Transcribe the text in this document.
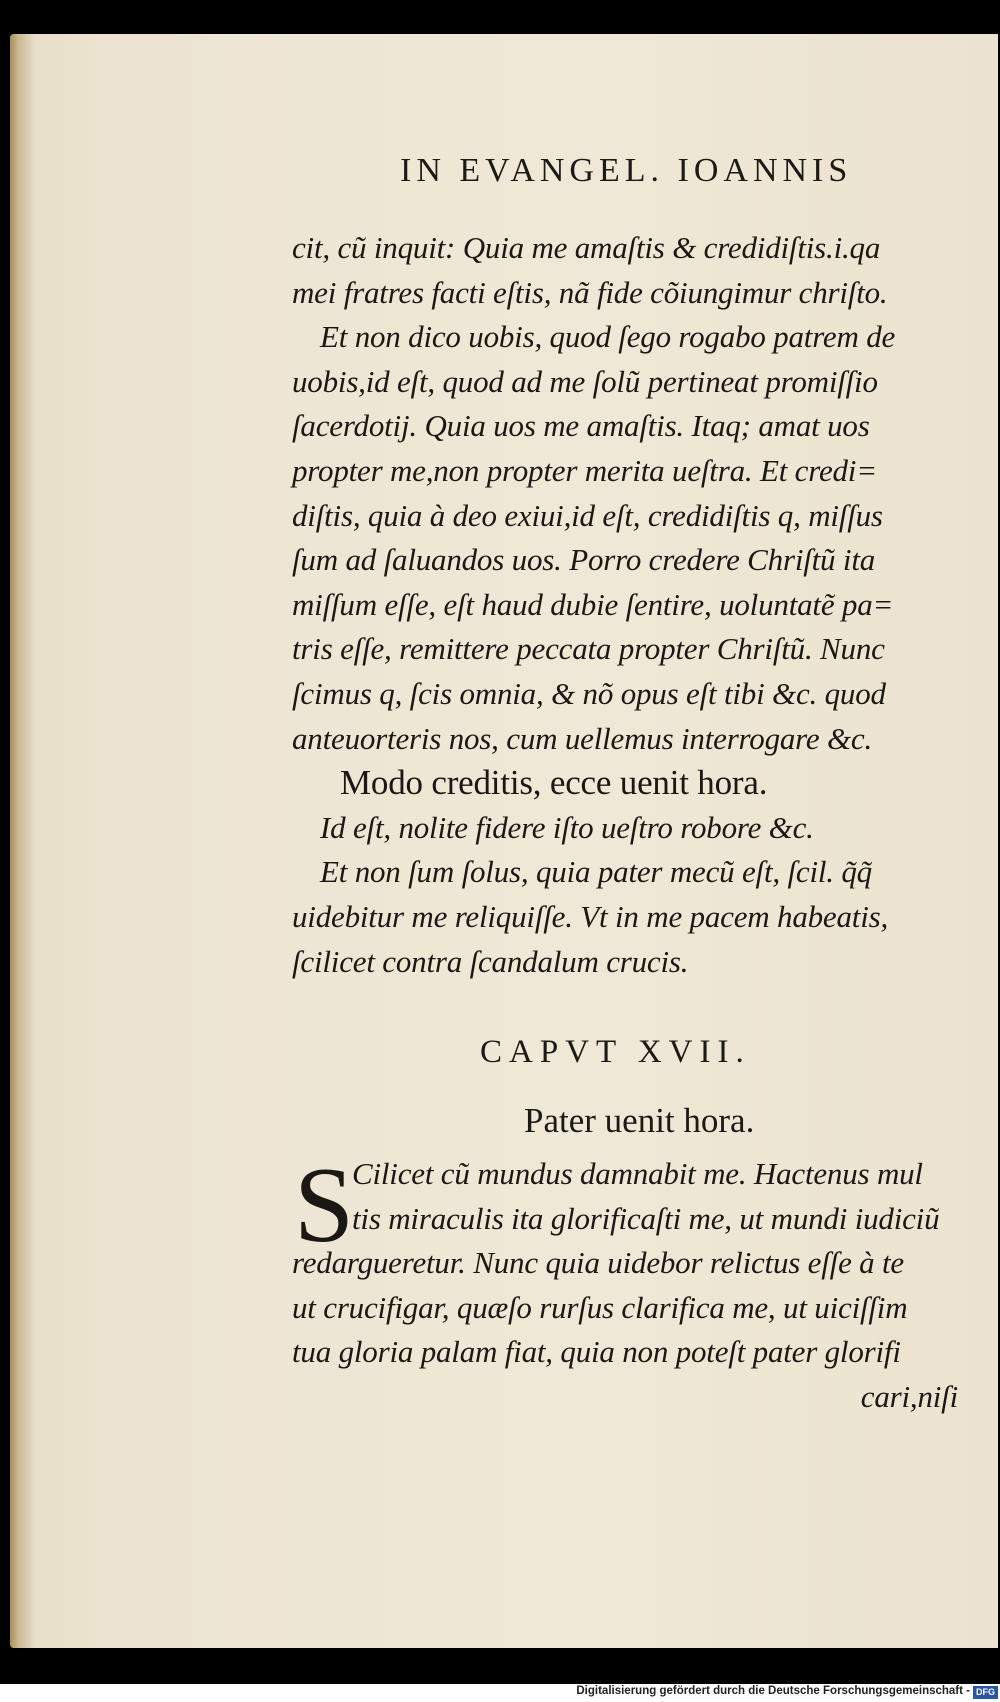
IN EVANGEL. IOANNIS
cit, cũ inquit: Quia me amaſtis & credidiſtis.i.qa
mei fratres facti eſtis, nã fide cõiungimur chriſto.
Et non dico uobis, quod ſego rogabo patrem de
uobis,id eſt, quod ad me ſolũ pertineat promiſſio
ſacerdotij. Quia uos me amaſtis. Itaq; amat uos
propter me,non propter merita ueſtra. Et credi=
diſtis, quia à deo exiui,id eſt, credidiſtis q, miſſus
ſum ad ſaluandos uos. Porro credere Chriſtũ ita
miſſum eſſe, eſt haud dubie ſentire, uoluntatẽ pa=
tris eſſe, remittere peccata propter Chriſtũ. Nunc
ſcimus q, ſcis omnia, & nõ opus eſt tibi &c. quod
anteuorteris nos, cum uellemus interrogare &c.
Modo creditis, ecce uenit hora.
Id eſt, nolite fidere iſto ueſtro robore &c.
Et non ſum ſolus, quia pater mecũ eſt, ſcil. q̃q̃
uidebitur me reliquiſſe. Vt in me pacem habeatis,
ſcilicet contra ſcandalum crucis.
CAPVT XVII.
Pater uenit hora.
S
Cilicet cũ mundus damnabit me. Hactenus mul
tis miraculis ita glorificaſti me, ut mundi iudiciũ
redargueretur. Nunc quia uidebor relictus eſſe à te
ut crucifigar, quæſo rurſus clarifica me, ut uiciſſim
tua gloria palam fiat, quia non poteſt pater glorifi
cari,niſi
Digitalisierung gefördert durch die Deutsche Forschungsgemeinschaft - DFG
